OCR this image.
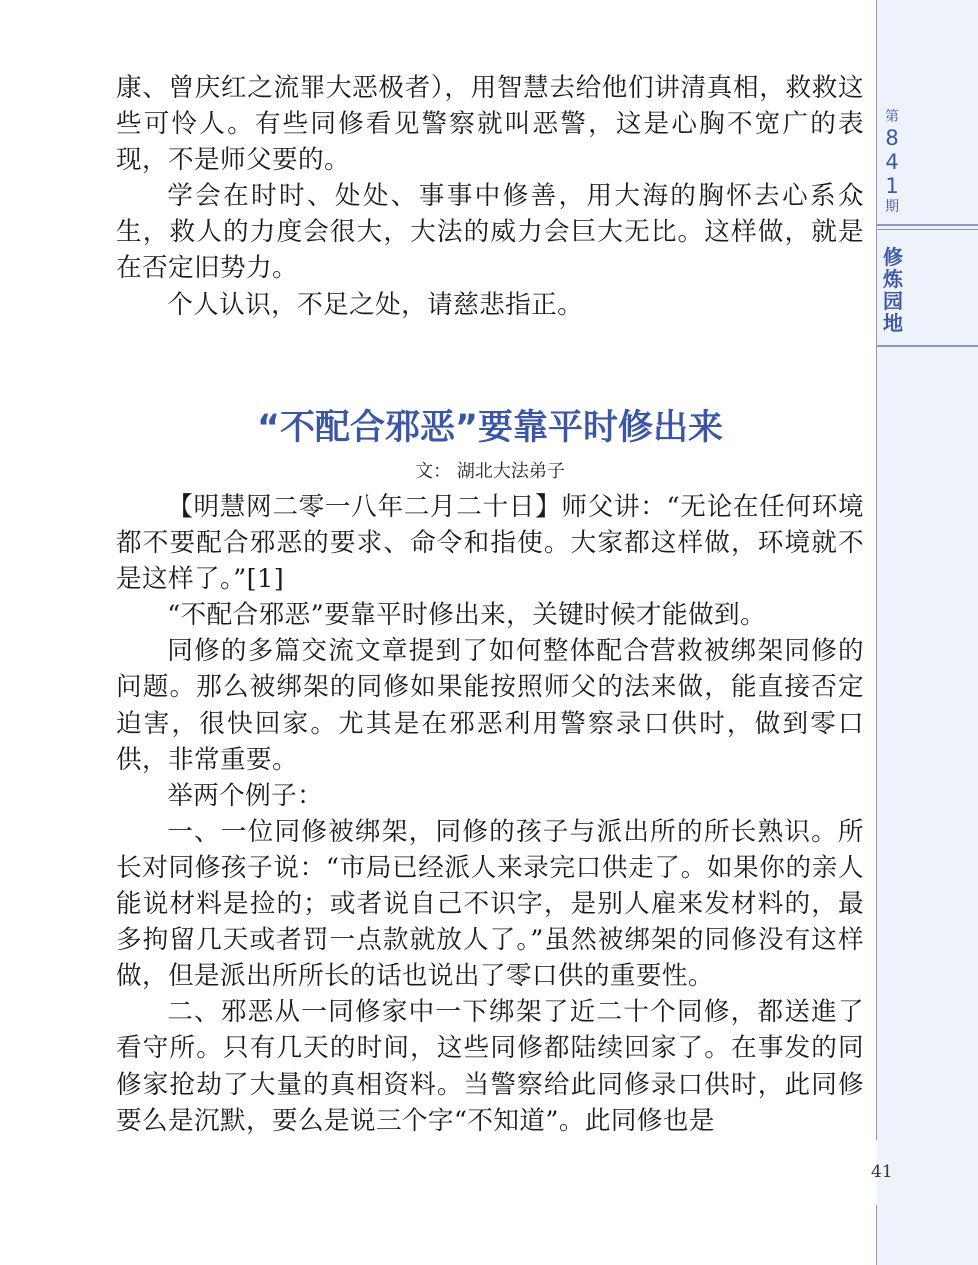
第
8
4
1
期
修
炼
园
地
41

康、曾庆红之流罪大恶极者），用智慧去给他们讲清真相，救救这些可怜人。有些同修看见警察就叫恶警，这是心胸不宽广的表现，不是师父要的。

学会在时时、处处、事事中修善，用大海的胸怀去心系众生，救人的力度会很大，大法的威力会巨大无比。这样做，就是在否定旧势力。

个人认识，不足之处，请慈悲指正。

“不配合邪恶”要靠平时修出来
文： 湖北大法弟子

【明慧网二零一八年二月二十日】师父讲：“无论在任何环境都不要配合邪恶的要求、命令和指使。大家都这样做，环境就不是这样了。”[1]

“不配合邪恶”要靠平时修出来，关键时候才能做到。

同修的多篇交流文章提到了如何整体配合营救被绑架同修的问题。那么被绑架的同修如果能按照师父的法来做，能直接否定迫害，很快回家。尤其是在邪恶利用警察录口供时，做到零口供，非常重要。

举两个例子：

一、一位同修被绑架，同修的孩子与派出所的所长熟识。所长对同修孩子说：“市局已经派人来录完口供走了。如果你的亲人能说材料是捡的；或者说自己不识字，是别人雇来发材料的，最多拘留几天或者罚一点款就放人了。”虽然被绑架的同修没有这样做，但是派出所所长的话也说出了零口供的重要性。

二、邪恶从一同修家中一下绑架了近二十个同修，都送進了看守所。只有几天的时间，这些同修都陆续回家了。在事发的同修家抢劫了大量的真相资料。当警察给此同修录口供时，此同修要么是沉默，要么是说三个字“不知道”。此同修也是
